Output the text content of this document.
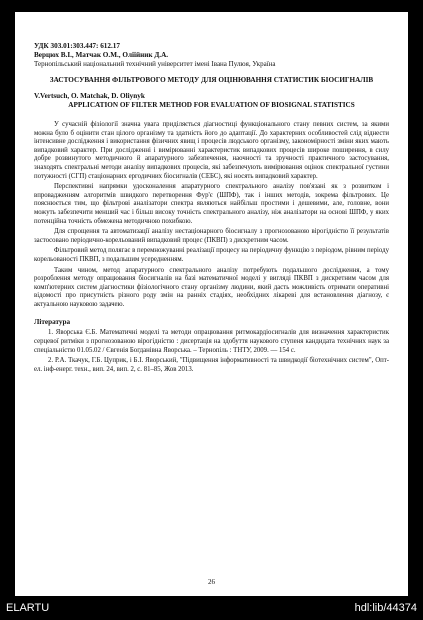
УДК 303.01:303.447: 612.17
Верцюх В.І., Матчак О.М., Оліійник Д.А.
Тернопільський національний технічний університет імені Івана Пулюя, Україна
ЗАСТОСУВАННЯ ФІЛЬТРОВОГО МЕТОДУ ДЛЯ ОЦІНЮВАННЯ СТАТИСТИК БІОСИГНАЛІВ
V.Vertsuch, O. Matchak, D. Oliynyk
APPLICATION OF FILTER METHOD FOR EVALUATION OF BIOSIGNAL STATISTICS

У сучасній фізіології значна увага приділяється діагностиці функціонального стану певних систем, за якими можна було б оцінити стан цілого організму та здатність його до адаптації. До характерних особливостей слід віднести інтенсивне дослідження і використання фізичних явищ і процесів людського організму, закономірності зміни яких мають випадковий характер. При дослідженні і вимірюванні характеристик випадкових процесів широке поширення, в силу добре розвинутого методичного й апаратурного забезпечення, наочності та зручності практичного застосування, знаходять спектральні методи аналізу випадкових процесів, які забезпечують вимірювання оцінок спектральної густини потужності (СГП) стаціонарних ергодичних біосигналів (СЕБС), які носять випадковий характер.

Перспективні напрямки удосконалення апаратурного спектрального аналізу пов'язані як з розвитком і впровадженням алгоритмів швидкого перетворення Фур'є (ШПФ), так і інших методів, зокрема фільтрових. Це пояснюється тим, що фільтрові аналізатори спектра являються найбільш простими і дешевими, але, головне, вони можуть забезпечити менший час і більш високу точність спектрального аналізу, ніж аналізатори на основі ШПФ, у яких потенційна точність обмежена методичною похибкою.

Для спрощення та автоматизації аналізу нестаціонарного біосигналу з прогнозованою вірогідністю її результатів застосовано періодично-корельований випадковий процес (ПКВП) з дискретним часом.

Фільтровий метод полягає в перемножуванні реалізації процесу на періодичну функцію з періодом, рівним періоду корельованості ПКВП, з подальшим усередненням.

Таким чином, метод апаратурного спектрального аналізу потребують подальшого дослідження, а тому розроблення методу опрацювання біосигналів на базі математичної моделі у вигляді ПКВП з дискретним часом для комп'ютерних систем діагностики фізіологічного стану організму людини, який дасть можливість отримати оперативні відомості про присутність різного роду змін на ранніх стадіях, необхідних лікареві для встановлення діагнозу, є актуальною науковою задачею.

Література
1. Яворська Є.Б. Математичні моделі та методи опрацювання ритмокардіосигналів для визначення характеристик серцевої ритміки з прогнозованою вірогідністю : дисертація на здобуття наукового ступеня кандидата технічних наук за спеціальністю 01.05.02 / Євгенія Богданівна Яворська. – Тернопіль : ТНТУ, 2009. — 154 с.
2. Р.А. Ткачук, Г.Б. Цуприк, і Б.І. Яворський, "Підвищення інформативності та швидкодії біотехнічних систем", Опт-ел. інф-енерг. техн., вип. 24, вип. 2, с. 81–85, Жов 2013.
26
ELARTU	hdl:lib/44374
